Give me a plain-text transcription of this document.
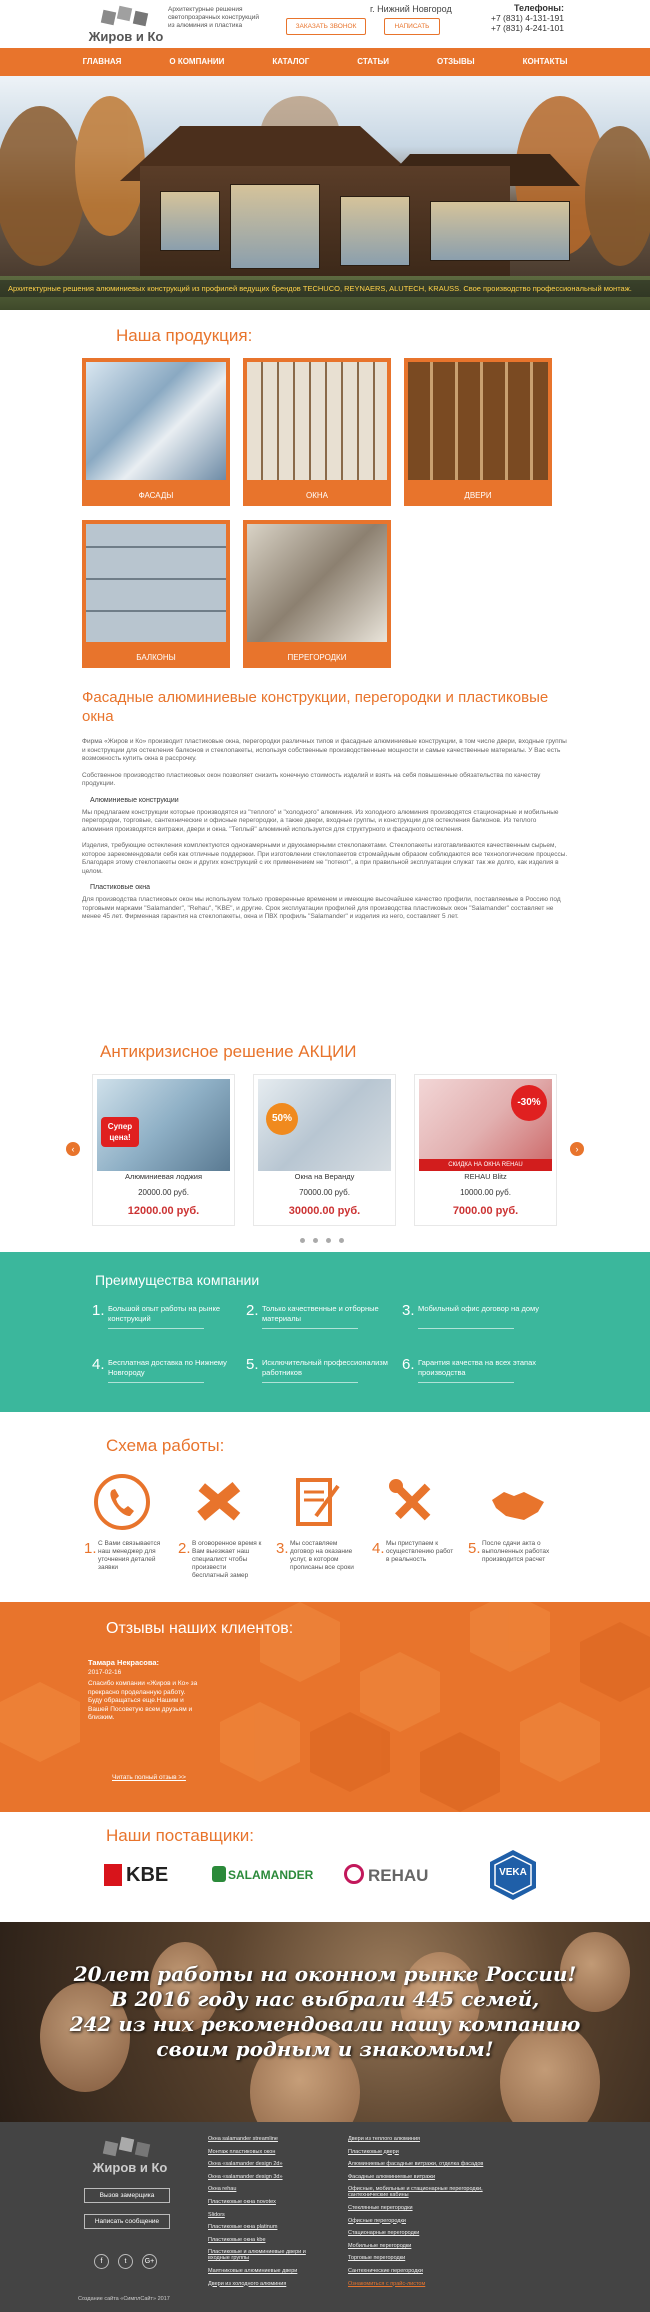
Жиров и Ко
Архитектурные решения светопрозрачных конструкций из алюминия и пластика
г. Нижний Новгород
ЗАКАЗАТЬ ЗВОНОК	НАПИСАТЬ
Телефоны:
+7 (831) 4-131-191
+7 (831) 4-241-101
ГЛАВНАЯ	О КОМПАНИИ	КАТАЛОГ	СТАТЬИ	ОТЗЫВЫ	КОНТАКТЫ
Архитектурные решения алюминиевых конструкций из профилей ведущих брендов TECHUCO, REYNAERS, ALUTECH, KRAUSS. Свое производство профессиональный монтаж.
Наша продукция:
ФАСАДЫ	ОКНА	ДВЕРИ
БАЛКОНЫ	ПЕРЕГОРОДКИ
Фасадные алюминиевые конструкции, перегородки и пластиковые окна
Фирма «Жиров и Ко» производит пластиковые окна, перегородки различных типов и фасадные алюминиевые конструкции, в том числе двери, входные группы и конструкции для остекления балконов и стеклопакеты, используя собственные производственные мощности и самые качественные материалы. У Вас есть возможность купить окна в рассрочку.
Собственное производство пластиковых окон позволяет снизить конечную стоимость изделий и взять на себя повышенные обязательства по качеству продукции.
Алюминиевые конструкции
Мы предлагаем конструкции которые производятся из "теплого" и "холодного" алюминия. Из холодного алюминия производятся стационарные и мобильные перегородки, торговые, сантехнические и офисные перегородки, а также двери, входные группы, и конструкции для остекления балконов. Из теплого алюминия производятся витражи, двери и окна. "Теплый" алюминий используется для структурного и фасадного остекления.
Изделия, требующие остекления комплектуются однокамерными и двухкамерными стеклопакетами. Стеклопакеты изготавливаются качественным сырьем, которое зарекомендовали себя как отличные поддержки. При изготовлении стеклопакетов стромайдным образом соблюдаются все технологические процессы. Благодаря этому стеклопакеты окон и других конструкций с их применением не "потеют", а при правильной эксплуатации служат так же долго, как изделия в целом.
Пластиковые окна
Для производства пластиковых окон мы используем только проверенные временем и имеющие высочайшее качество профили, поставляемые в Россию под торговыми марками "Salamander", "Rehau", "KBE", и другие. Срок эксплуатации профилей для производства пластиковых окон "Salamander" составляет не менее 45 лет. Фирменная гарантия на стеклопакеты, окна и ПВХ профиль "Salamander" и изделия из него, составляет 5 лет.
Антикризисное решение АКЦИИ
‹	›
Супер цена!
Алюминиевая лоджия
20000.00 руб.
12000.00 руб.
50%
Окна на Веранду
70000.00 руб.
30000.00 руб.
-30%
СКИДКА НА ОКНА REHAU
REHAU Blitz
10000.00 руб.
7000.00 руб.
Преимущества компании
1. Большой опыт работы на рынке конструкций	2. Только качественные и отборные материалы	3. Мобильный офис договор на дому
4. Бесплатная доставка по Нижнему Новгороду	5. Исключительный профессионализм работников	6. Гарантия качества на всех этапах производства
Схема работы:
1. С Вами связывается наш менеджер для уточнения деталей заявки
2. В оговоренное время к Вам выезжает наш специалист чтобы произвести бесплатный замер
3. Мы составляем договор на оказание услуг, в котором прописаны все сроки
4. Мы приступаем к осуществлению работ в реальность
5. После сдачи акта о выполненных работах производится расчет
Отзывы наших клиентов:
Тамара Некрасова:
2017-02-16
Спасибо компании «Жиров и Ко» за прекрасно проделанную работу. Буду обращаться еще.Нашим и Вашей Посоветую всем друзьям и близким.
Читать полный отзыв >>
Наши поставщики:
KBE	SALAMANDER	REHAU	VEKA
20лет работы на оконном рынке России!
В 2016 году нас выбрали 445 семей,
242 из них рекомендовали нашу компанию
своим родным и знакомым!
Жиров и Ко
Вызов замерщика
Написать сообщение
f	t	G+
Создание сайта «СимплСайт» 2017
Окна salamander streamline
Монтаж пластиковых окон
Окна «salamander design 2d»
Окна «salamander design 3d»
Окна rehau
Пластиковые окна novotex
Slidors
Пластиковые окна platinum
Пластиковые окна kbe
Пластиковые и алюминиевые двери и входные группы
Маятниковые алюминиевые двери
Двери из холодного алюминия
Двери из теплого алюминия
Пластиковые двери
Алюминиевые фасадные витражи, отделка фасадов
Фасадные алюминиевые витражи
Офисные, мобильные и стационарные перегородки, сантехнические кабины
Стеклянные перегородки
Офисные перегородки
Стационарные перегородки
Мобильные перегородки
Торговые перегородки
Сантехнические перегородки
Ознакомиться с прайс-листом
